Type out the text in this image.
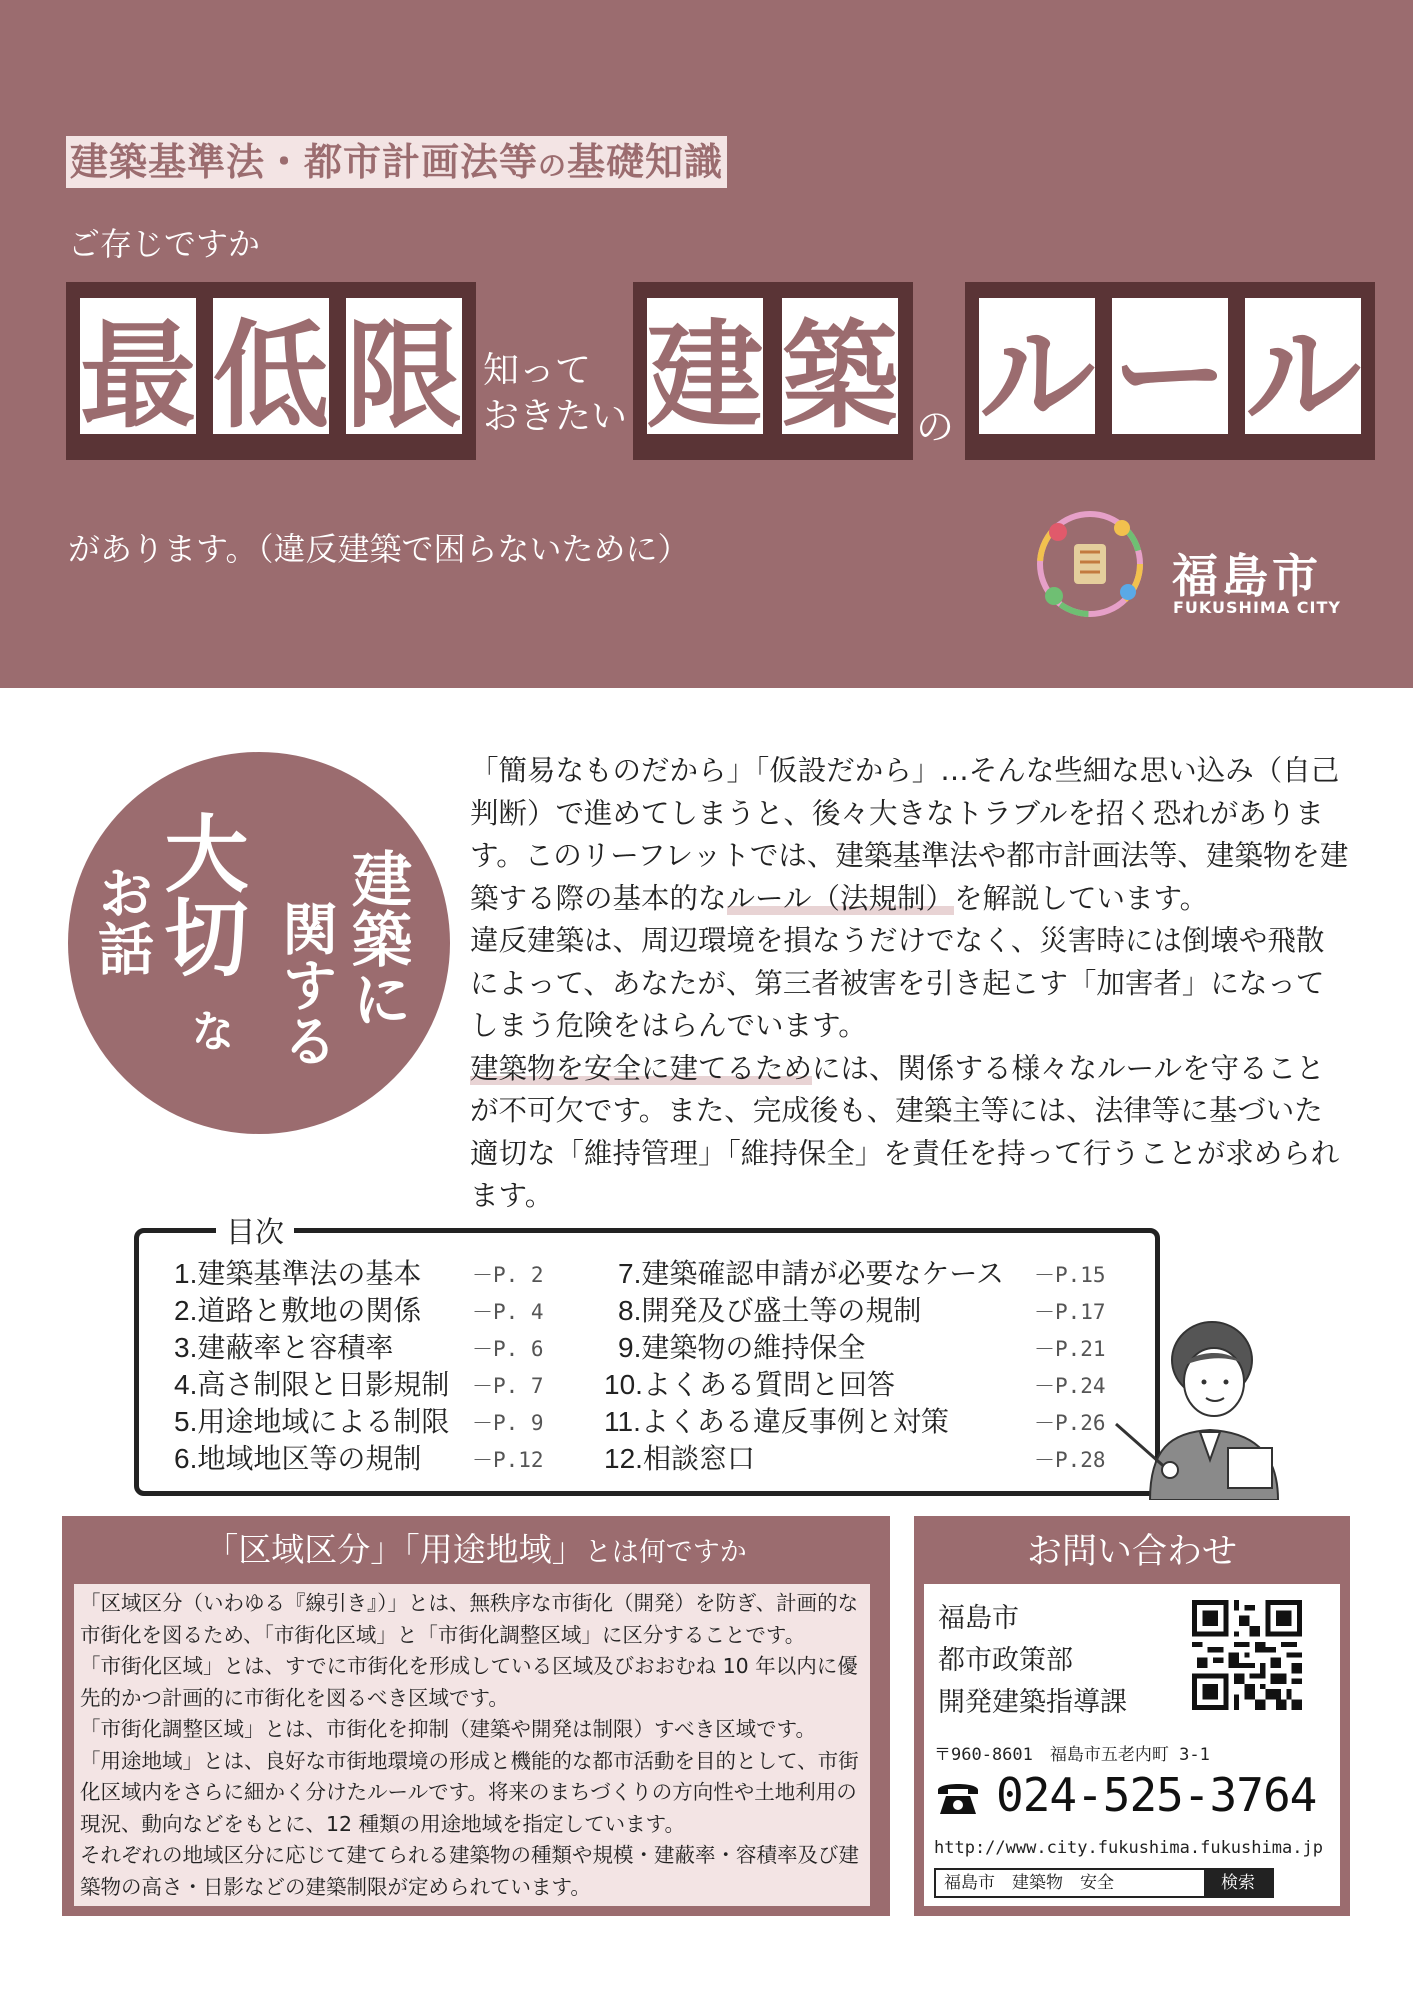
建築基準法・都市計画法等の基礎知識
ご存じですか
最 低 限 知って
おきたい 建 築 の ル ー ル
があります。（違反建築で困らないために）	福島市
FUKUSHIMA CITY
建築に
関する
大切
な
お話

「簡易なものだから」「仮設だから」…そんな些細な思い込み（自己判断）で進めてしまうと、後々大きなトラブルを招く恐れがあります。このリーフレットでは、建築基準法や都市計画法等、建築物を建築する際の基本的なルール（法規制）を解説しています。

違反建築は、周辺環境を損なうだけでなく、災害時には倒壊や飛散によって、あなたが、第三者被害を引き起こす「加害者」になってしまう危険をはらんでいます。

建築物を安全に建てるためには、関係する様々なルールを守ることが不可欠です。また、完成後も、建築主等には、法律等に基づいた適切な「維持管理」「維持保全」を責任を持って行うことが求められます。

目次
1.建築基準法の基本 －P. 2
2.道路と敷地の関係 －P. 4
3.建蔽率と容積率	－P. 6
4.高さ制限と日影規制 －P. 7
5.用途地域による制限 －P. 9
6.地域地区等の規制 －P.12
7.建築確認申請が必要なケース －P.15
8.開発及び盛土等の規制	－P.17
9.建築物の維持保全	－P.21
10.よくある質問と回答	－P.24
11.よくある違反事例と対策	－P.26
12.相談窓口	－P.28
「区域区分」「用途地域」とは何ですか

「区域区分（いわゆる『線引き』）」とは、無秩序な市街化（開発）を防ぎ、計画的な市街化を図るため、「市街化区域」と「市街化調整区域」に区分することです。

「市街化区域」とは、すでに市街化を形成している区域及びおおむね 10 年以内に優先的かつ計画的に市街化を図るべき区域です。

「市街化調整区域」とは、市街化を抑制（建築や開発は制限）すべき区域です。

「用途地域」とは、良好な市街地環境の形成と機能的な都市活動を目的として、市街化区域内をさらに細かく分けたルールです。将来のまちづくりの方向性や土地利用の現況、動向などをもとに、12 種類の用途地域を指定しています。

それぞれの地域区分に応じて建てられる建築物の種類や規模・建蔽率・容積率及び建築物の高さ・日影などの建築制限が定められています。

お問い合わせ
福島市
都市政策部
開発建築指導課
〒960-8601　福島市五老内町 3-1
024-525-3764
http://www.city.fukushima.fukushima.jp
福島市　建築物　安全	検索
